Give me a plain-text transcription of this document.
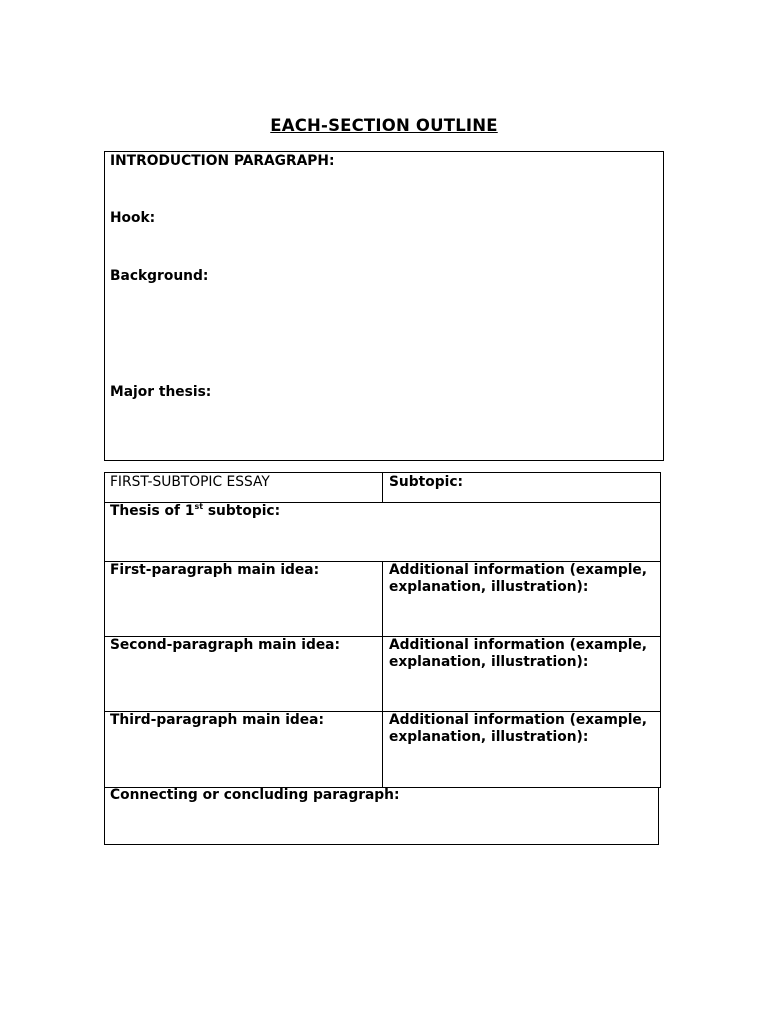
EACH-SECTION OUTLINE

INTRODUCTION PARAGRAPH:

Hook:

Background:

Major thesis:

FIRST-SUBTOPIC ESSAY	Subtopic:

Thesis of 1st subtopic:

First-paragraph main idea:	Additional information (example,

explanation, illustration):

Second-paragraph main idea:	Additional information (example,

explanation, illustration):

Third-paragraph main idea:	Additional information (example,

explanation, illustration):

Connecting or concluding paragraph:
